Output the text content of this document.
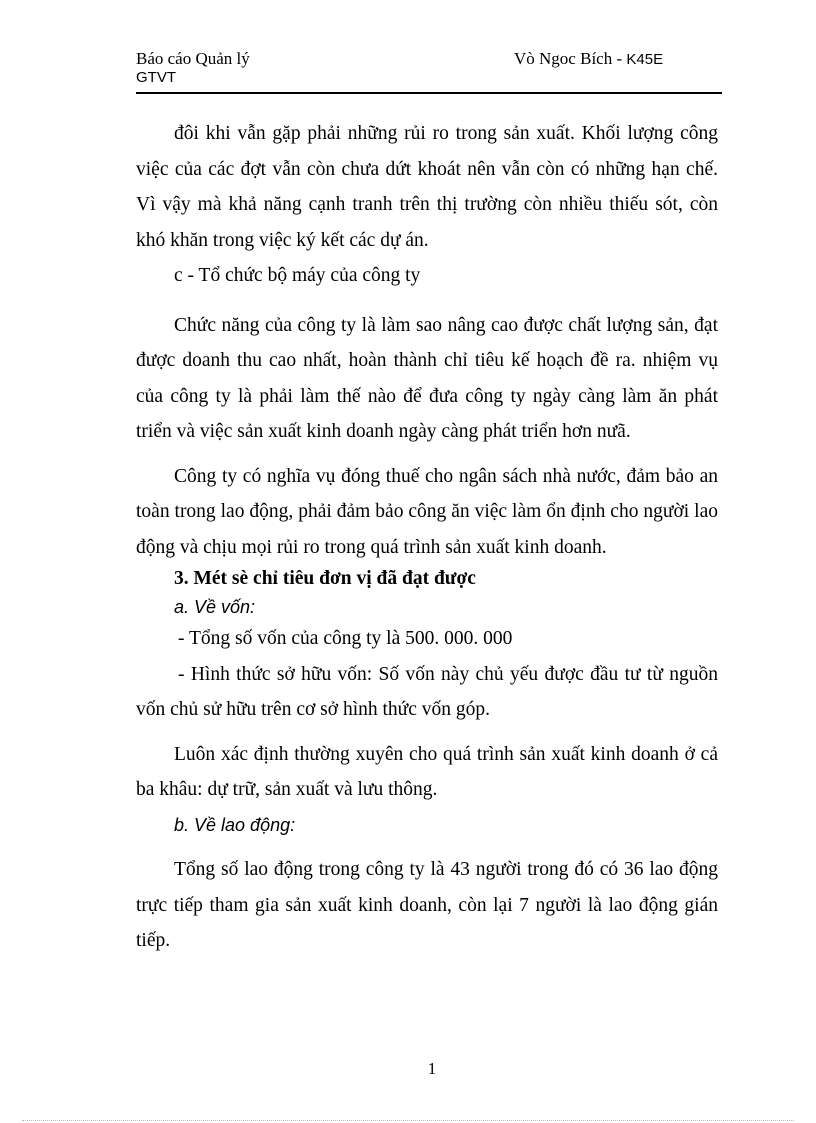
Báo cáo Quản lý
GTVT
Vò Ngoc Bích - K45E

đôi khi vẫn gặp phải những rủi ro trong sản xuất. Khối lượng công việc của các đợt vẫn còn chưa dứt khoát nên vẫn còn có những hạn chế. Vì vậy mà khả năng cạnh tranh trên thị trường còn nhiều thiếu sót, còn khó khăn trong việc ký kết các dự án.

c - Tổ chức bộ máy của công ty

Chức năng của công ty là làm sao nâng cao được chất lượng sản, đạt được doanh thu cao nhất, hoàn thành chỉ tiêu kế hoạch đề ra. nhiệm vụ của công ty là phải làm thế nào để đưa công ty ngày càng làm ăn phát triển và việc sản xuất kinh doanh ngày càng phát triển hơn nưã.

Công ty có nghĩa vụ đóng thuế cho ngân sách nhà nước, đảm bảo an toàn trong lao động, phải đảm bảo công ăn việc làm ổn định cho người lao động và chịu mọi rủi ro trong quá trình sản xuất kinh doanh.

3. Mét sè chỉ tiêu đơn vị đã đạt được

a. Về vốn:

- Tổng số vốn của công ty là 500. 000. 000

- Hình thức sở hữu vốn: Số vốn này chủ yếu được đầu tư từ nguồn vốn chủ sử hữu trên cơ sở hình thức vốn góp.

Luôn xác định thường xuyên cho quá trình sản xuất kinh doanh ở cả ba khâu: dự trữ, sản xuất và lưu thông.

b. Về lao động:

Tổng số lao động trong công ty là 43 người trong đó có 36 lao động trực tiếp tham gia sản xuất kinh doanh, còn lại 7 người là lao động gián tiếp.

1
